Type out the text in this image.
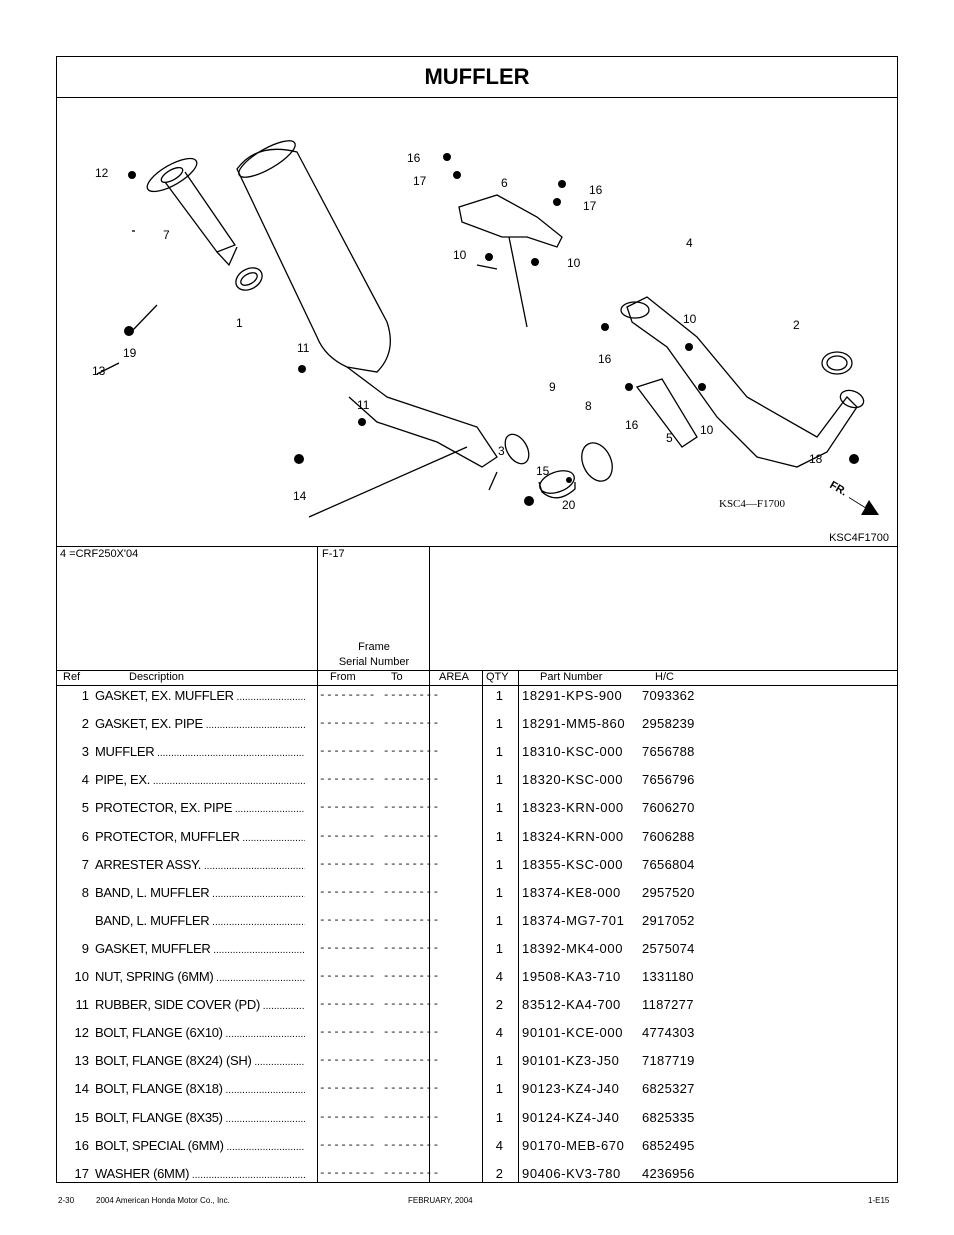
MUFFLER
12
7
1
16
17	6	16
17
10
10
4
2
19
13
11
11
10
16
9
8
16
5
10
3
18
14
15
20	KSC4—F1700
FR.
KSC4F1700
4 =CRF250X'04	F-17
Frame
Serial Number
Ref	Description	From	To	AREA QTY	Part Number	H/C
1 GASKET, EX. MUFFLER .....	-------- --------	1 18291-KPS-900 7093362
2 GASKET, EX. PIPE .....	-------- --------	1 18291-MM5-860 2958239
3 MUFFLER .....	-------- --------	1 18310-KSC-000 7656788
4 PIPE, EX. .....	-------- --------	1 18320-KSC-000 7656796
5 PROTECTOR, EX. PIPE .....	-------- --------	1 18323-KRN-000 7606270
6 PROTECTOR, MUFFLER .....	-------- --------	1 18324-KRN-000 7606288
7 ARRESTER ASSY. .....	-------- --------	1 18355-KSC-000 7656804
8 BAND, L. MUFFLER .....	-------- --------	1 18374-KE8-000 2957520
BAND, L. MUFFLER .....	-------- --------	1 18374-MG7-701 2917052
9 GASKET, MUFFLER .....	-------- --------	1 18392-MK4-000 2575074
10 NUT, SPRING (6MM) .....	-------- --------	4 19508-KA3-710 1331180
11 RUBBER, SIDE COVER (PD) .....	-------- --------	2 83512-KA4-700 1187277
12 BOLT, FLANGE (6X10) .....	-------- --------	4 90101-KCE-000 4774303
13 BOLT, FLANGE (8X24) (SH) .....	-------- --------	1 90101-KZ3-J50 7187719
14 BOLT, FLANGE (8X18) .....	-------- --------	1 90123-KZ4-J40 6825327
15 BOLT, FLANGE (8X35) .....	-------- --------	1 90124-KZ4-J40 6825335
16 BOLT, SPECIAL (6MM) .....	-------- --------	4 90170-MEB-670 6852495
17 WASHER (6MM) .....	-------- --------	2 90406-KV3-780 4236956
2-30	2004 American Honda Motor Co., Inc.	FEBRUARY, 2004	1-E15
